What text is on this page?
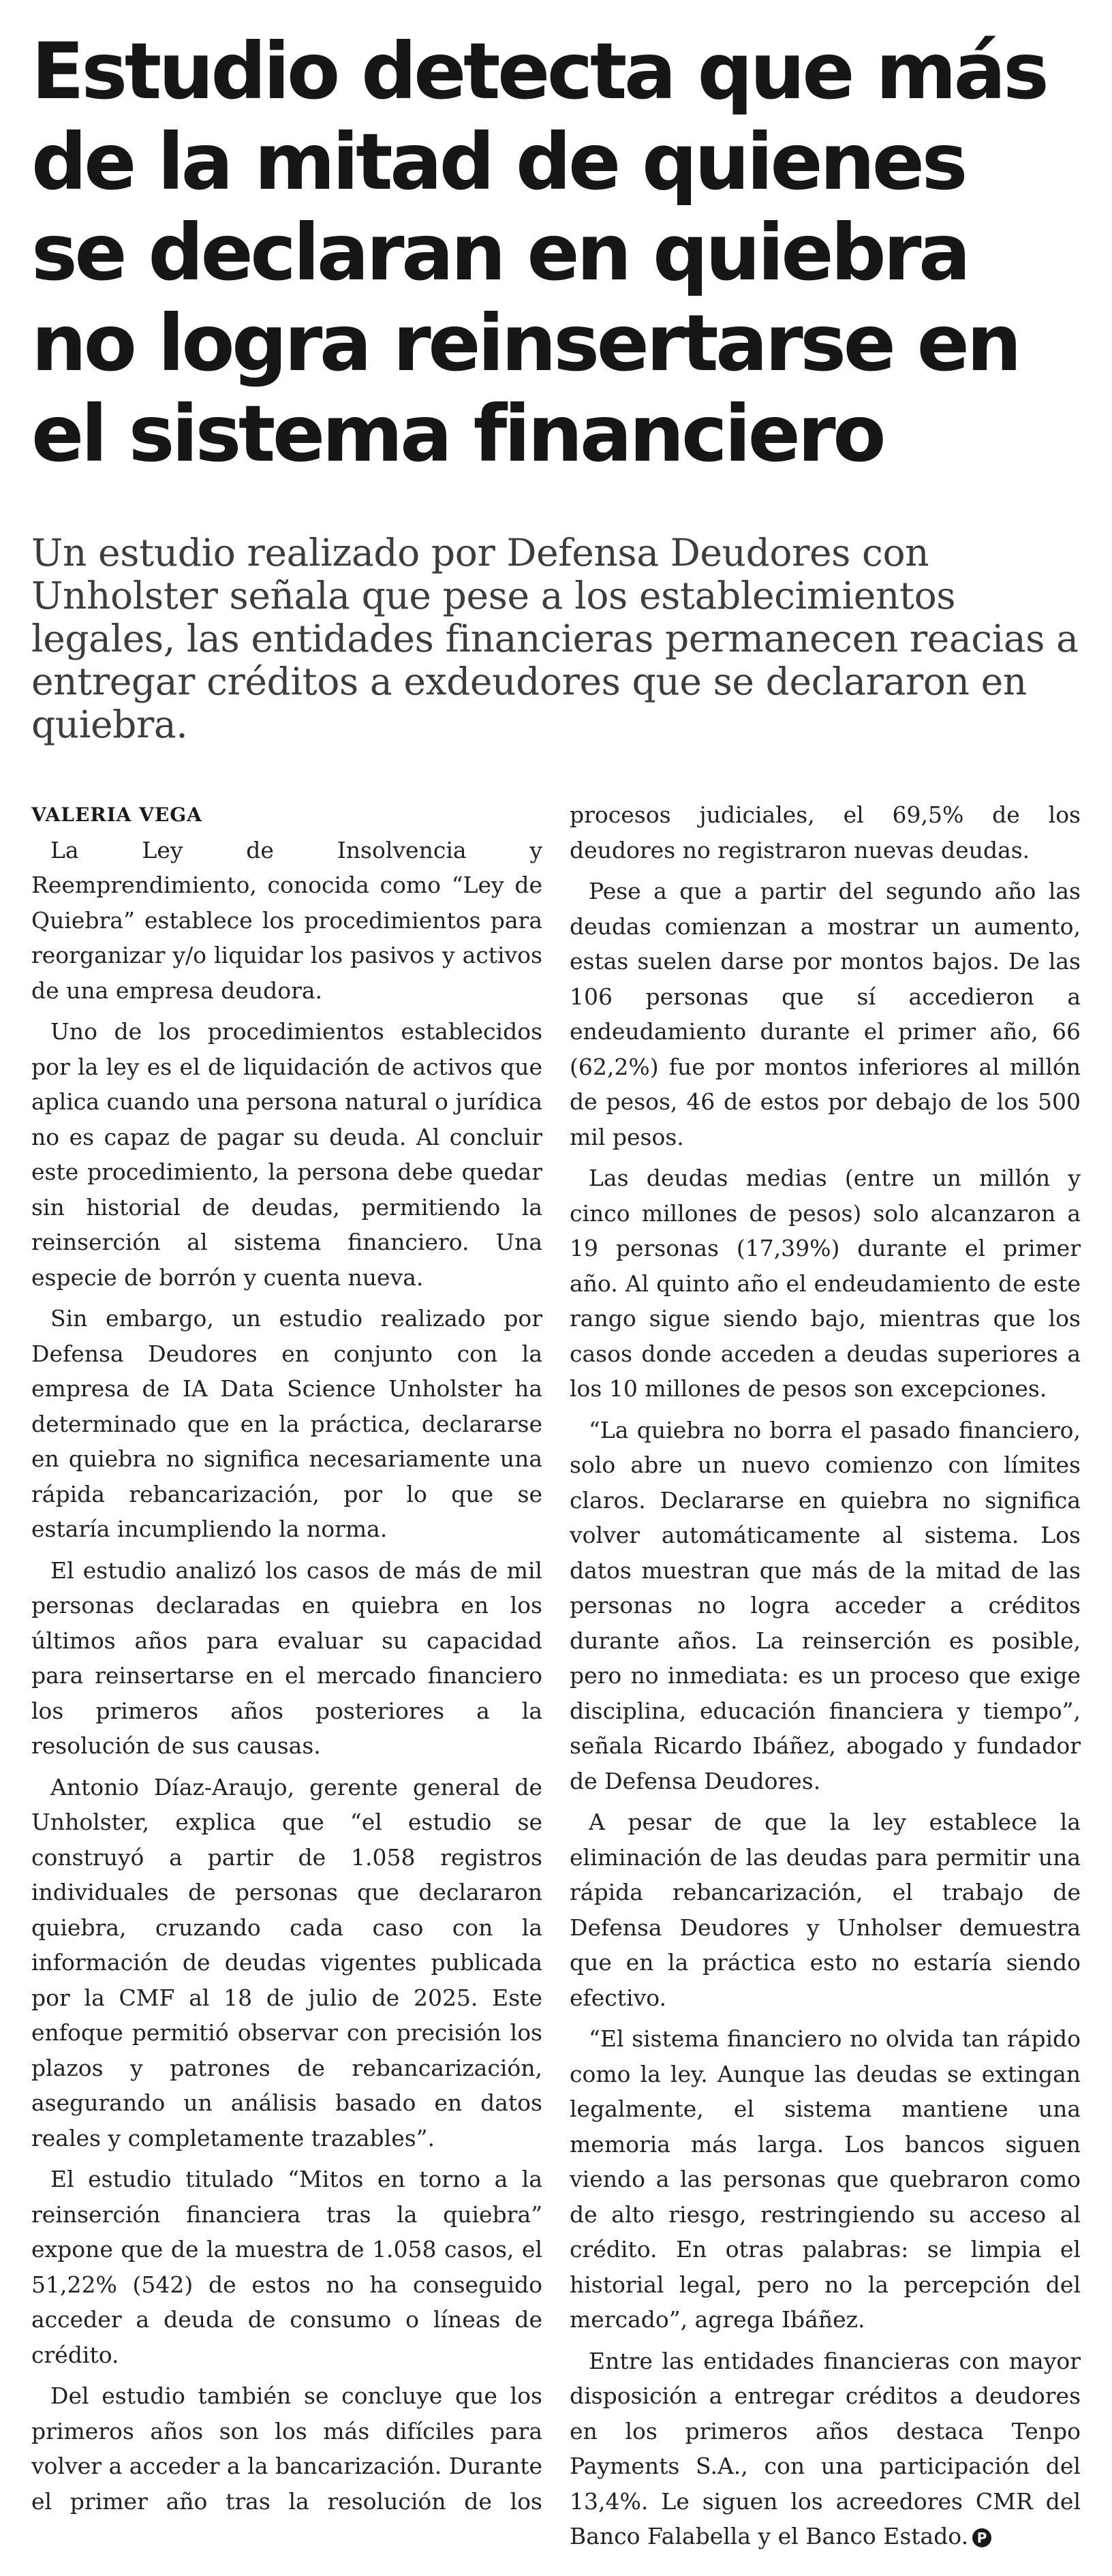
Estudio detecta que más de la mitad de quienes se declaran en quiebra no logra reinsertarse en el sistema financiero
Un estudio realizado por Defensa Deudores con Unholster señala que pese a los establecimientos legales, las entidades financieras permanecen reacias a entregar créditos a exdeudores que se declararon en quiebra.
VALERIA VEGA

La Ley de Insolvencia y Reemprendimiento, conocida como “Ley de Quiebra” establece los procedimientos para reorganizar y/o liquidar los pasivos y activos de una empresa deudora.

Uno de los procedimientos establecidos por la ley es el de liquidación de activos que aplica cuando una persona natural o jurídica no es capaz de pagar su deuda. Al concluir este procedimiento, la persona debe quedar sin historial de deudas, permitiendo la reinserción al sistema financiero. Una especie de borrón y cuenta nueva.

Sin embargo, un estudio realizado por Defensa Deudores en conjunto con la empresa de IA Data Science Unholster ha determinado que en la práctica, declararse en quiebra no significa necesariamente una rápida rebancarización, por lo que se estaría incumpliendo la norma.

El estudio analizó los casos de más de mil personas declaradas en quiebra en los últimos años para evaluar su capacidad para reinsertarse en el mercado financiero los primeros años posteriores a la resolución de sus causas.

Antonio Díaz-Araujo, gerente general de Unholster, explica que “el estudio se construyó a partir de 1.058 registros individuales de personas que declararon quiebra, cruzando cada caso con la información de deudas vigentes publicada por la CMF al 18 de julio de 2025. Este enfoque permitió observar con precisión los plazos y patrones de rebancarización, asegurando un análisis basado en datos reales y completamente trazables”.

El estudio titulado “Mitos en torno a la reinserción financiera tras la quiebra” expone que de la muestra de 1.058 casos, el 51,22% (542) de estos no ha conseguido acceder a deuda de consumo o líneas de crédito.

Del estudio también se concluye que los primeros años son los más difíciles para volver a acceder a la bancarización. Durante el primer año tras la resolución de los procesos judiciales, el 69,5% de los deudores no registraron nuevas deudas.

Pese a que a partir del segundo año las deudas comienzan a mostrar un aumento, estas suelen darse por montos bajos. De las 106 personas que sí accedieron a endeudamiento durante el primer año, 66 (62,2%) fue por montos inferiores al millón de pesos, 46 de estos por debajo de los 500 mil pesos.

Las deudas medias (entre un millón y cinco millones de pesos) solo alcanzaron a 19 personas (17,39%) durante el primer año. Al quinto año el endeudamiento de este rango sigue siendo bajo, mientras que los casos donde acceden a deudas superiores a los 10 millones de pesos son excepciones.

“La quiebra no borra el pasado financiero, solo abre un nuevo comienzo con límites claros. Declararse en quiebra no significa volver automáticamente al sistema. Los datos muestran que más de la mitad de las personas no logra acceder a créditos durante años. La reinserción es posible, pero no inmediata: es un proceso que exige disciplina, educación financiera y tiempo”, señala Ricardo Ibáñez, abogado y fundador de Defensa Deudores.

A pesar de que la ley establece la eliminación de las deudas para permitir una rápida rebancarización, el trabajo de Defensa Deudores y Unholser demuestra que en la práctica esto no estaría siendo efectivo.

“El sistema financiero no olvida tan rápido como la ley. Aunque las deudas se extingan legalmente, el sistema mantiene una memoria más larga. Los bancos siguen viendo a las personas que quebraron como de alto riesgo, restringiendo su acceso al crédito. En otras palabras: se limpia el historial legal, pero no la percepción del mercado”, agrega Ibáñez.

Entre las entidades financieras con mayor disposición a entregar créditos a deudores en los primeros años destaca Tenpo Payments S.A., con una participación del 13,4%. Le siguen los acreedores CMR del Banco Falabella y el Banco Estado. P
